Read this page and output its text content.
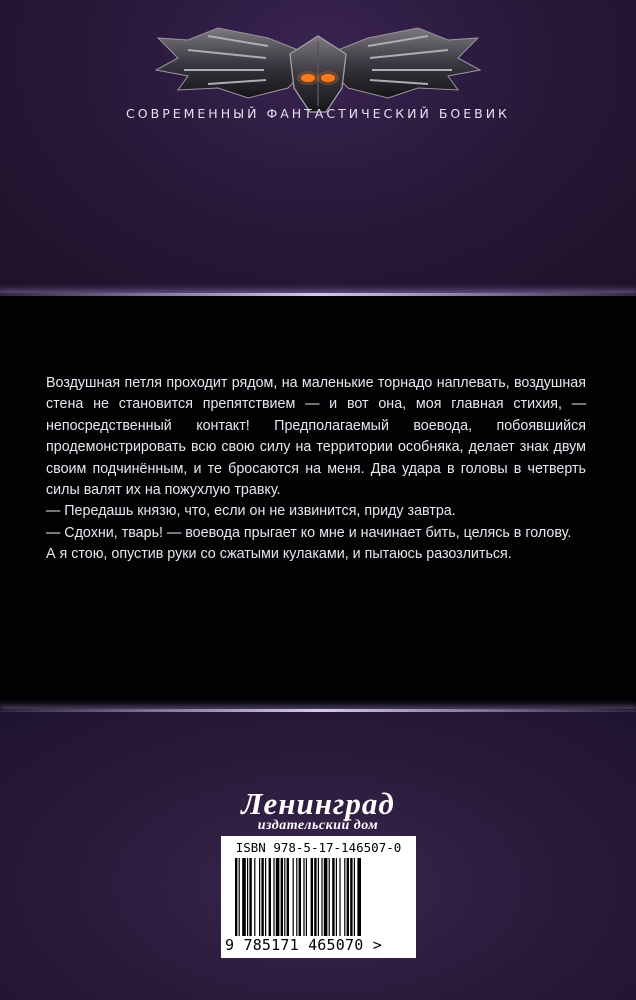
СОВРЕМЕННЫЙ ФАНТАСТИЧЕСКИЙ БОЕВИК

Воздушная петля проходит рядом, на маленькие торнадо наплевать, воздушная стена не становится препятствием — и вот она, моя главная стихия, — непосредственный контакт! Предполагаемый воевода, побоявшийся продемонстрировать всю свою силу на территории особняка, делает знак двум своим подчинённым, и те бросаются на меня. Два удара в головы в четверть силы валят их на пожухлую травку.

— Передашь князю, что, если он не извинится, приду завтра.

— Сдохни, тварь! — воевода прыгает ко мне и начинает бить, целясь в голову.

А я стою, опустив руки со сжатыми кулаками, и пытаюсь разозлиться.

Ленинград
издательский дом
ISBN 978-5-17-146507-0
9 785171 465070 >
